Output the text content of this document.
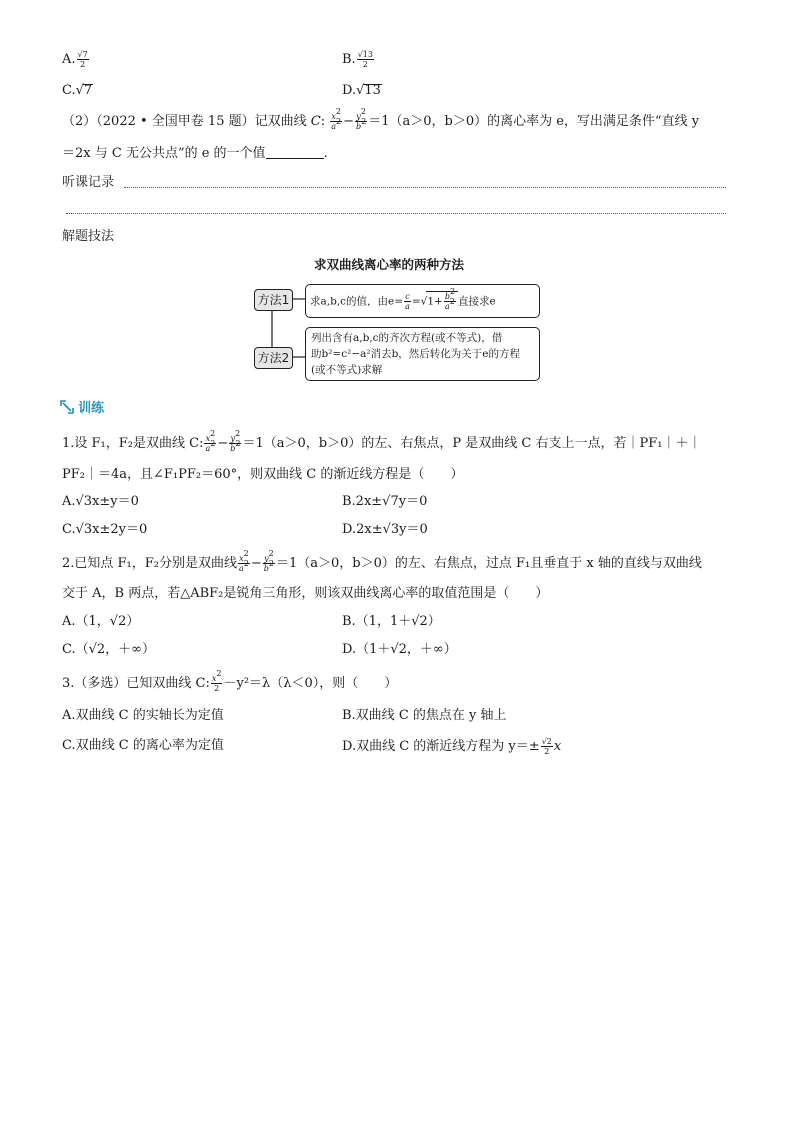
A. $\frac{√7}{2}$	B. $\frac{√13}{2}$
C.√7	D.√13
（2）（2022 • 全国甲卷 15 题）记双曲线 C: $\frac{x^2}{a^2} - \frac{y^2}{b^2} =1(a>0$，b＞0）的离心率为 e，写出满足条件“直线 y
＝2x 与 C 无公共点”的 e 的一个值	.
听课记录
解题技法
求双曲线离心率的两种方法
方法1	求a,b,c的值，由$e= \frac{c}{a} =√1+ \frac{b^2}{a^2}$ 直接求e
方法2
列出含有a,b,c的齐次方程(或不等式)，借
助b²=c²−a²消去b，然后转化为关于e的方程
(或不等式)求解
训练
1.设 F₁，F₂是双曲线 C: $\frac{x^2}{a^2} - \frac{y^2}{b^2} =1(a>0$，b＞0）的左、右焦点，P 是双曲线 C 右支上一点，若｜PF₁｜＋｜
PF₂｜＝4a，且∠F₁PF₂＝60°，则双曲线 C 的渐近线方程是（　　）
A.√3x±y＝0	B.2x±√7y＝0
C.√3x±2y＝0	D.2x±√3y＝0
2.已知点 F₁，F₂分别是双曲线 $\frac{x^2}{a^2} - \frac{y^2}{b^2} =1(a>0$，b＞0）的左、右焦点，过点 F₁且垂直于 x 轴的直线与双曲线
交于 A，B 两点，若△ABF₂是锐角三角形，则该双曲线离心率的取值范围是（　　）
A.（1，√2）	B.（1，1＋√2）
C.（√2，＋∞）	D.（1＋√2，＋∞）
3.（多选）已知双曲线 C: $\frac{x^2}{2} -y^2=\lambda(\lambda<0)$，则（　　）
A.双曲线 C 的实轴长为定值	B.双曲线 C 的焦点在 y 轴上
C.双曲线 C 的离心率为定值	D.双曲线 C 的渐近线方程为 $y=\pm \frac{√2}{2}$ x
